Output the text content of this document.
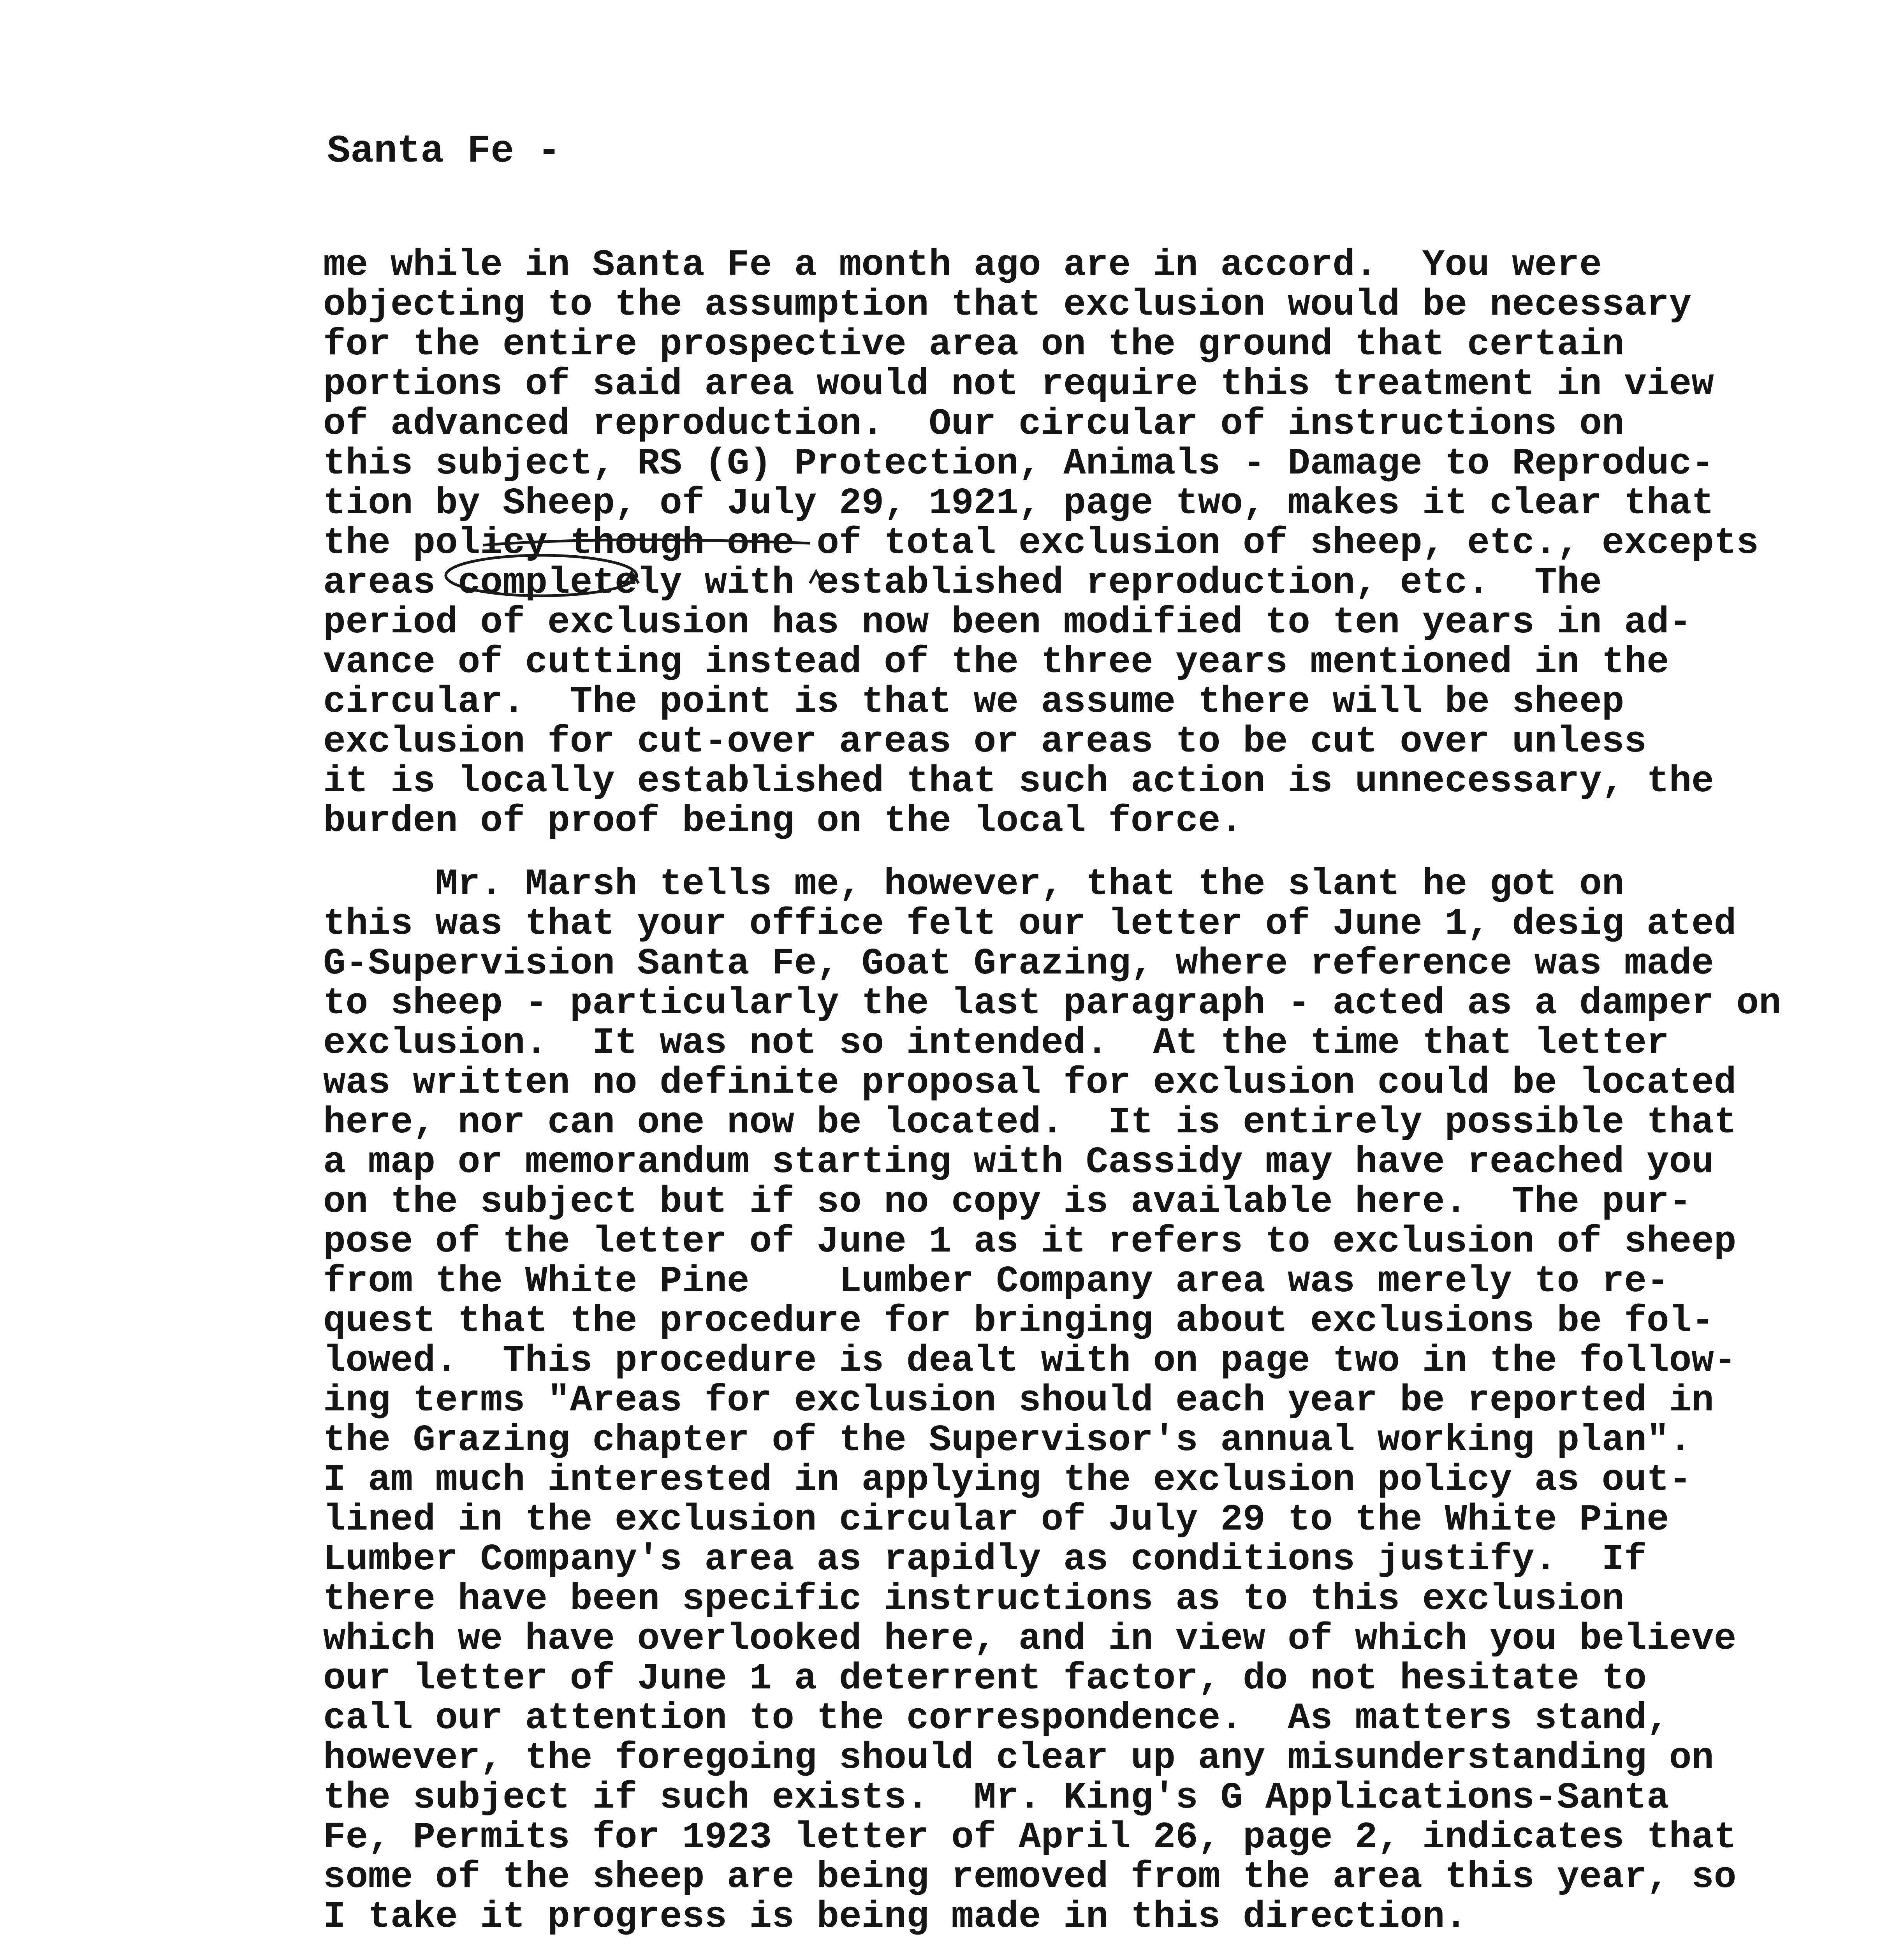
Santa Fe -
me while in Santa Fe a month ago are in accord.  You were
objecting to the assumption that exclusion would be necessary
for the entire prospective area on the ground that certain
portions of said area would not require this treatment in view
of advanced reproduction.  Our circular of instructions on
this subject, RS (G) Protection, Animals - Damage to Reproduc-
tion by Sheep, of July 29, 1921, page two, makes it clear that
the policy though one of total exclusion of sheep, etc., excepts
areas completely with established reproduction, etc.  The
period of exclusion has now been modified to ten years in ad-
vance of cutting instead of the three years mentioned in the
circular.  The point is that we assume there will be sheep
exclusion for cut-over areas or areas to be cut over unless
it is locally established that such action is unnecessary, the
burden of proof being on the local force.
Mr. Marsh tells me, however, that the slant he got on
this was that your office felt our letter of June 1, desig ated
G-Supervision Santa Fe, Goat Grazing, where reference was made
to sheep - particularly the last paragraph - acted as a damper on
exclusion.  It was not so intended.  At the time that letter
was written no definite proposal for exclusion could be located
here, nor can one now be located.  It is entirely possible that
a map or memorandum starting with Cassidy may have reached you
on the subject but if so no copy is available here.  The pur-
pose of the letter of June 1 as it refers to exclusion of sheep
from the White Pine    Lumber Company area was merely to re-
quest that the procedure for bringing about exclusions be fol-
lowed.  This procedure is dealt with on page two in the follow-
ing terms "Areas for exclusion should each year be reported in
the Grazing chapter of the Supervisor's annual working plan".
I am much interested in applying the exclusion policy as out-
lined in the exclusion circular of July 29 to the White Pine
Lumber Company's area as rapidly as conditions justify.  If
there have been specific instructions as to this exclusion
which we have overlooked here, and in view of which you believe
our letter of June 1 a deterrent factor, do not hesitate to
call our attention to the correspondence.  As matters stand,
however, the foregoing should clear up any misunderstanding on
the subject if such exists.  Mr. King's G Applications-Santa
Fe, Permits for 1923 letter of April 26, page 2, indicates that
some of the sheep are being removed from the area this year, so
I take it progress is being made in this direction.
